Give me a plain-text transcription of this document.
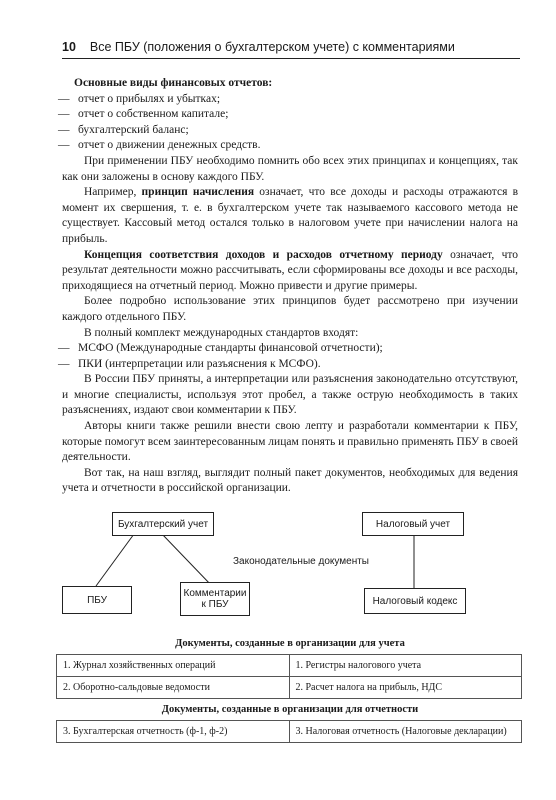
10 Все ПБУ (положения о бухгалтерском учете) с комментариями

Основные виды финансовых отчетов:

— отчет о прибылях и убытках;

— отчет о собственном капитале;

— бухгалтерский баланс;

— отчет о движении денежных средств.

При применении ПБУ необходимо помнить обо всех этих принципах и концепциях, так как они заложены в основу каждого ПБУ.

Например, принцип начисления означает, что все доходы и расходы отражаются в момент их свершения, т. е. в бухгалтерском учете так называемого кассового метода не существует. Кассовый метод остался только в налоговом учете при начислении налога на прибыль.

Концепция соответствия доходов и расходов отчетному периоду означает, что результат деятельности можно рассчитывать, если сформированы все доходы и все расходы, приходящиеся на отчетный период. Можно привести и другие примеры.

Более подробно использование этих принципов будет рассмотрено при изучении каждого отдельного ПБУ.

В полный комплект международных стандартов входят:

— МСФО (Международные стандарты финансовой отчетности);

— ПКИ (интерпретации или разъяснения к МСФО).

В России ПБУ приняты, а интерпретации или разъяснения законодательно отсутствуют, и многие специалисты, используя этот пробел, а также острую необходимость в таких разъяснениях, издают свои комментарии к ПБУ.

Авторы книги также решили внести свою лепту и разработали комментарии к ПБУ, которые помогут всем заинтересованным лицам понять и правильно применять ПБУ в своей деятельности.

Вот так, на наш взгляд, выглядит полный пакет документов, необходимых для ведения учета и отчетности в российской организации.

Бухгалтерский учет	Налоговый учет
Законодательные документы
ПБУ
Комментарии к ПБУ	Налоговый кодекс
Документы, созданные в организации для учета
1. Журнал хозяйственных операций	1. Регистры налогового учета
2. Оборотно-сальдовые ведомости	2. Расчет налога на прибыль, НДС
Документы, созданные в организации для отчетности
3. Бухгалтерская отчетность (ф-1, ф-2)	3. Налоговая отчетность (Налоговые декларации)
